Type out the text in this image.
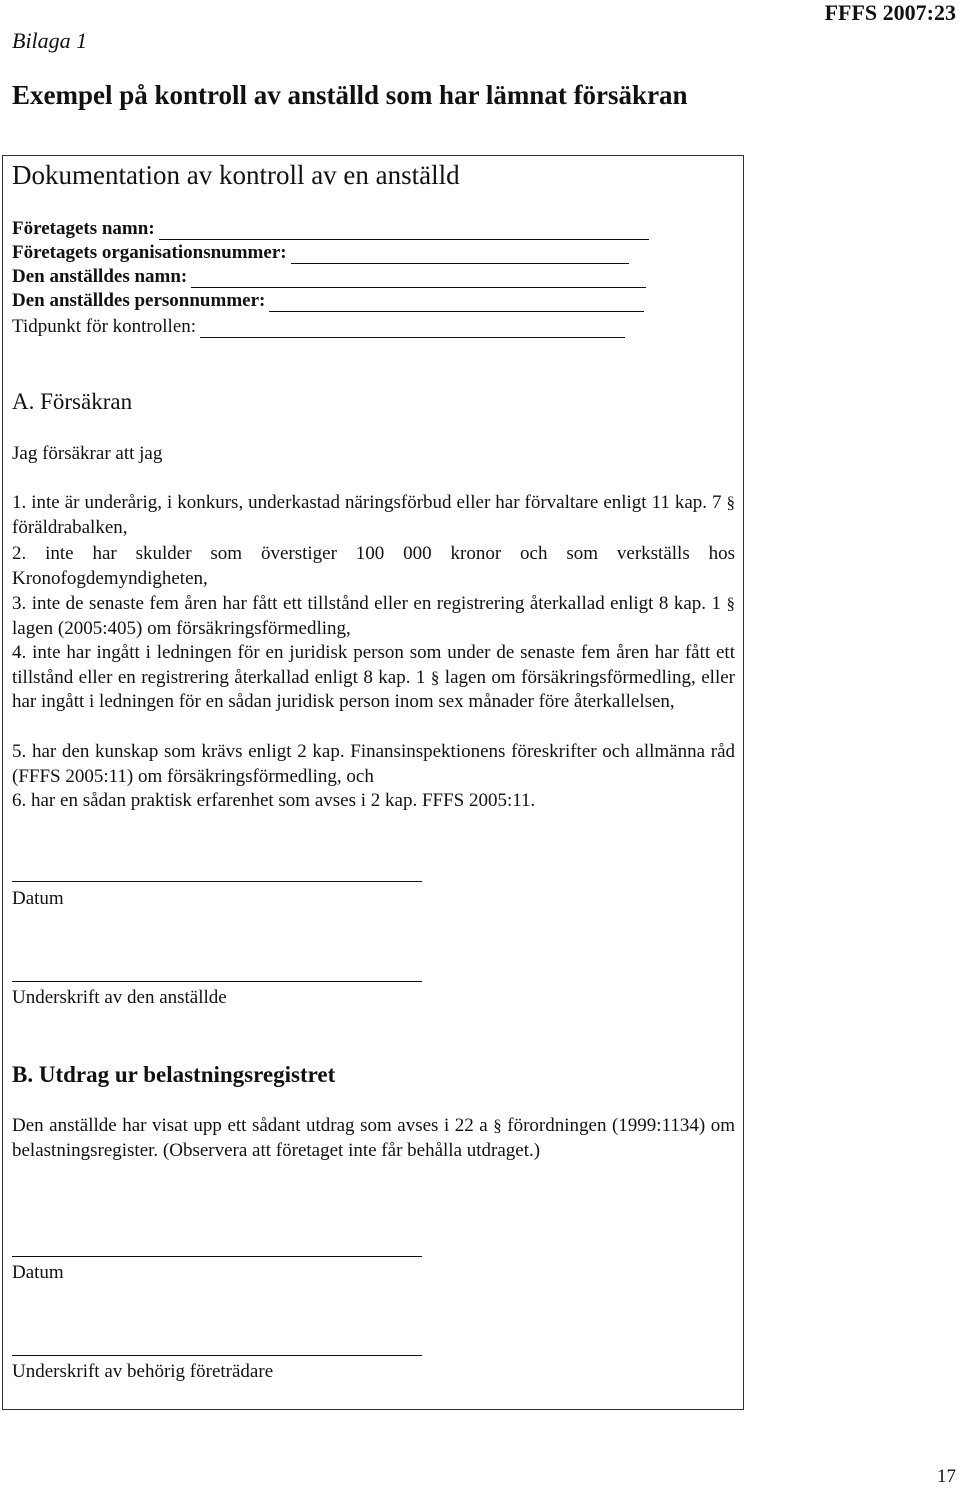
Bilaga 1
FFFS 2007:23
Exempel på kontroll av anställd som har lämnat försäkran
Dokumentation av kontroll av en anställd
Företagets namn:
Företagets organisationsnummer:
Den anställdes namn:
Den anställdes personnummer:
Tidpunkt för kontrollen:
A. Försäkran
Jag försäkrar att jag
1. inte är underårig, i konkurs, underkastad näringsförbud eller har förvaltare enligt 11 kap. 7 § föräldrabalken,
2. inte har skulder som överstiger 100 000 kronor och som verkställs hos Kronofogdemyndigheten,
3. inte de senaste fem åren har fått ett tillstånd eller en registrering återkallad enligt 8 kap. 1 § lagen (2005:405) om försäkringsförmedling,
4. inte har ingått i ledningen för en juridisk person som under de senaste fem åren har fått ett tillstånd eller en registrering återkallad enligt 8 kap. 1 § lagen om försäkringsförmedling, eller har ingått i ledningen för en sådan juridisk person inom sex månader före återkallelsen,
5. har den kunskap som krävs enligt 2 kap. Finansinspektionens föreskrifter och allmänna råd (FFFS 2005:11) om försäkringsförmedling, och
6. har en sådan praktisk erfarenhet som avses i 2 kap. FFFS 2005:11.
Datum
Underskrift av den anställde
B. Utdrag ur belastningsregistret
Den anställde har visat upp ett sådant utdrag som avses i 22 a § förordningen (1999:1134) om belastningsregister. (Observera att företaget inte får behålla utdraget.)
Datum
Underskrift av behörig företrädare
17
